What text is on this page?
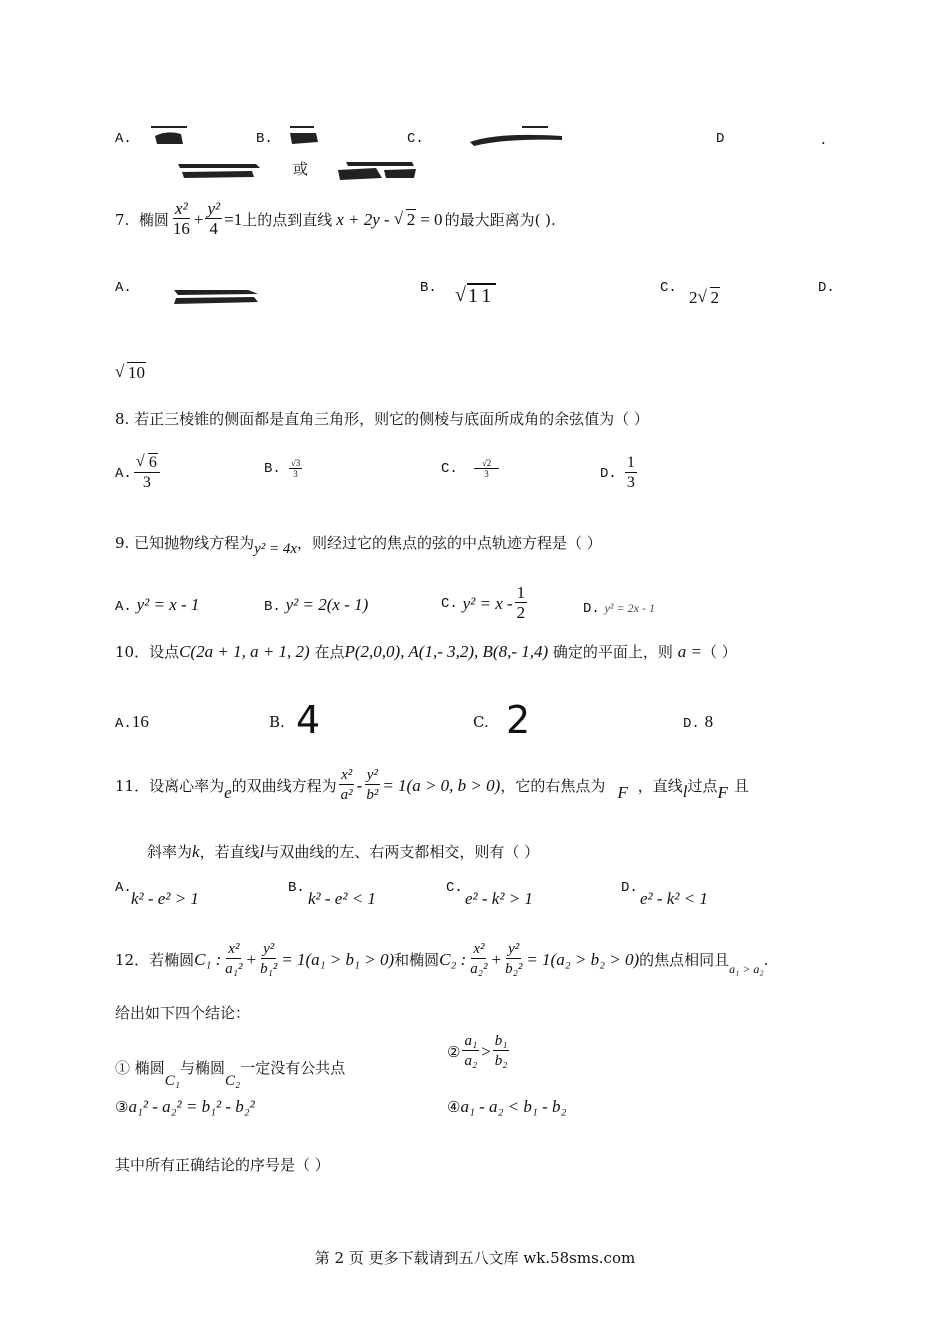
A.	B.	C.	D	.
或
7.
椭圆 $\frac{\text{x²}}{16} + \frac{\text{y²}}{4} =1$ 上的点到直线 x + 2y - √ 2 = 0 的最大距离为( ).
A.	B. √
11	C. 2 √ 2	D.
√ 10
8. 若正三棱锥的侧面都是直角三角形，则它的侧棱与底面所成角的余弦值为（ ）
A. $\frac{√ 6}{3}$	B. $\frac{√3}{3}$	C. $\frac{√2}{3}$	D. $\frac{1}{3}$
9. 已知抛物线方程为 y² = 4x ，则经过它的焦点的弦的中点轨迹方程是（ ）
A. y² = x - 1	B. y² = 2(x - 1)	C.
$y^2 = x - \frac{1}{2}$	D. y² = 2x - 1
10．设点C(2a + 1, a + 1, 2) 在点P(2,0,0), A(1,- 3,2), B(8,- 1,4) 确定的平面上，则 a =（ ）
A.16	B. 4	C. 2	D. 8
11．设离心率为 e 的双曲线方程为 $\frac{\text{x²}}{\text{a²}} - \frac{\text{y²}}{\text{b²}} = 1(a > 0$, b > 0) ，它的右焦点为 F ，直线 l 过点 F 且
斜率为k，若直线l与双曲线的左、右两支都相交，则有（ ）
A.
k² - e² > 1
B.
k² - e² < 1
C.
e² - k² > 1
D.
e² - k² < 1
12．若椭圆 C₁ : $\frac{\text{x²}}{\text{a₁²}} + \frac{\text{y²}}{\text{b₁²}} = 1(a_1 > b_1 > 0)$ 和椭圆 C₂ : $\frac{\text{x²}}{\text{a₂²}} + \frac{\text{y²}}{\text{b₂²}} = 1(a_2 > b_2 > 0)$ 的焦点相同且 a₁ > a₂ .
给出如下四个结论：
① 椭圆
C₁
与椭圆
C₂
一定没有公共点
② $\frac{\text{a₁}}{\text{a₂}} > \frac{\text{b₁}}{\text{b₂}}$
③ a₁² - a₂² = b₁² - b₂²	④ a₁ - a₂ < b₁ - b₂
其中所有正确结论的序号是（ ）
第 2 页 更多下载请到五八文库 wk.58sms.com
